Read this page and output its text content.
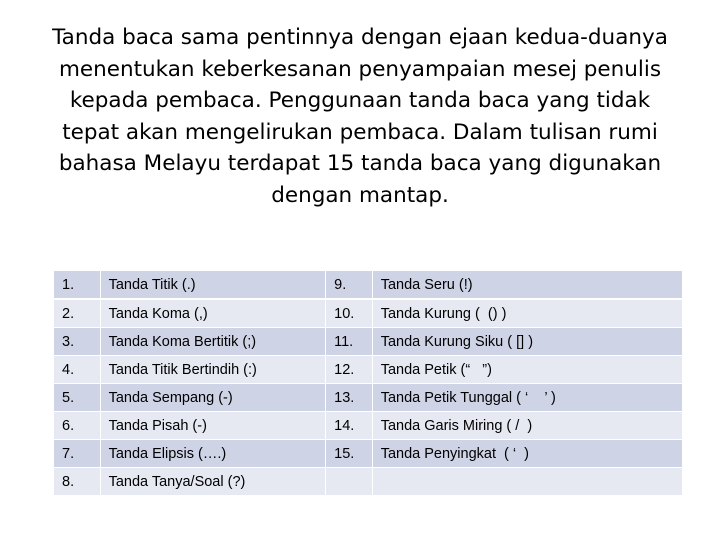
Tanda baca sama pentinnya dengan ejaan kedua-duanya
menentukan keberkesanan penyampaian mesej penulis
kepada pembaca. Penggunaan tanda baca yang tidak
tepat akan mengelirukan pembaca. Dalam tulisan rumi
bahasa Melayu terdapat 15 tanda baca yang digunakan
dengan mantap.

1.	Tanda Titik (.)	9.	Tanda Seru (!)
2.	Tanda Koma (,)	10.	Tanda Kurung (  () )
3.	Tanda Koma Bertitik (;)	11.	Tanda Kurung Siku ( [] )
4.	Tanda Titik Bertindih (:)	12.	Tanda Petik (“   ”)
5.	Tanda Sempang (-)	13.	Tanda Petik Tunggal ( ‘    ’ )
6.	Tanda Pisah (-)	14.	Tanda Garis Miring ( /  )
7.	Tanda Elipsis (….)	15.	Tanda Penyingkat  ( ‘  )
8.	Tanda Tanya/Soal (?)		
